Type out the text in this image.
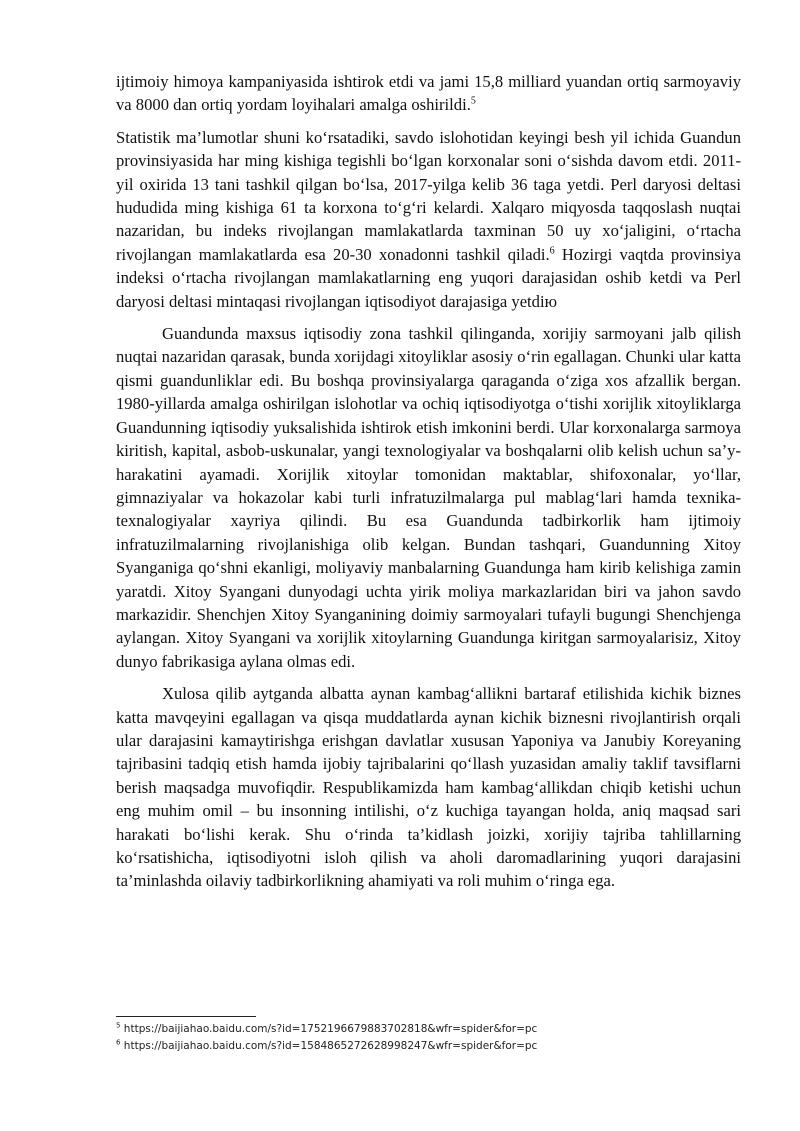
ijtimoiy himoya kampaniyasida ishtirok etdi va jami 15,8 milliard yuandan ortiq sarmoyaviy va 8000 dan ortiq yordam loyihalari amalga oshirildi.$^5$

Statistik ma’lumotlar shuni ko‘rsatadiki, savdo islohotidan keyingi besh yil ichida Guandun provinsiyasida har ming kishiga tegishli bo‘lgan korxonalar soni o‘sishda davom etdi. 2011-yil oxirida 13 tani tashkil qilgan bo‘lsa, 2017-yilga kelib 36 taga yetdi. Perl daryosi deltasi hududida ming kishiga 61 ta korxona to‘g‘ri kelardi. Xalqaro miqyosda taqqoslash nuqtai nazaridan, bu indeks rivojlangan mamlakatlarda taxminan 50 uy xo‘jaligini, o‘rtacha rivojlangan mamlakatlarda esa 20-30 xonadonni tashkil qiladi.$^6$ Hozirgi vaqtda provinsiya indeksi o‘rtacha rivojlangan mamlakatlarning eng yuqori darajasidan oshib ketdi va Perl daryosi deltasi mintaqasi rivojlangan iqtisodiyot darajasiga yetdiю

Guandunda maxsus iqtisodiy zona tashkil qilinganda, xorijiy sarmoyani jalb qilish nuqtai nazaridan qarasak, bunda xorijdagi xitoyliklar asosiy o‘rin egallagan. Chunki ular katta qismi guandunliklar edi. Bu boshqa provinsiyalarga qaraganda o‘ziga xos afzallik bergan. 1980-yillarda amalga oshirilgan islohotlar va ochiq iqtisodiyotga o‘tishi xorijlik xitoyliklarga Guandunning iqtisodiy yuksalishida ishtirok etish imkonini berdi. Ular korxonalarga sarmoya kiritish, kapital, asbob-uskunalar, yangi texnologiyalar va boshqalarni olib kelish uchun sa’y-harakatini ayamadi. Xorijlik xitoylar tomonidan maktablar, shifoxonalar, yo‘llar, gimnaziyalar va hokazolar kabi turli infratuzilmalarga pul mablag‘lari hamda texnika-texnalogiyalar xayriya qilindi. Bu esa Guandunda tadbirkorlik ham ijtimoiy infratuzilmalarning rivojlanishiga olib kelgan. Bundan tashqari, Guandunning Xitoy Syanganiga qo‘shni ekanligi, moliyaviy manbalarning Guandunga ham kirib kelishiga zamin yaratdi. Xitoy Syangani dunyodagi uchta yirik moliya markazlaridan biri va jahon savdo markazidir. Shenchjen Xitoy Syanganining doimiy sarmoyalari tufayli bugungi Shenchjenga aylangan. Xitoy Syangani va xorijlik xitoylarning Guandunga kiritgan sarmoyalarisiz, Xitoy dunyo fabrikasiga aylana olmas edi.

Xulosa qilib aytganda albatta aynan kambag‘allikni bartaraf etilishida kichik biznes katta mavqeyini egallagan va qisqa muddatlarda aynan kichik biznesni rivojlantirish orqali ular darajasini kamaytirishga erishgan davlatlar xususan Yaponiya va Janubiy Koreyaning tajribasini tadqiq etish hamda ijobiy tajribalarini qo‘llash yuzasidan amaliy taklif tavsiflarni berish maqsadga muvofiqdir. Respublikamizda ham kambag‘allikdan chiqib ketishi uchun eng muhim omil – bu insonning intilishi, o‘z kuchiga tayangan holda, aniq maqsad sari harakati bo‘lishi kerak. Shu o‘rinda ta’kidlash joizki, xorijiy tajriba tahlillarning ko‘rsatishicha, iqtisodiyotni isloh qilish va aholi daromadlarining yuqori darajasini ta’minlashda oilaviy tadbirkorlikning ahamiyati va roli muhim o‘ringa ega.

$^5$ https://baijiahao.baidu.com/s?id=1752196679883702818&wfr=spider&for=pc

$^6$ https://baijiahao.baidu.com/s?id=1584865272628998247&wfr=spider&for=pc
